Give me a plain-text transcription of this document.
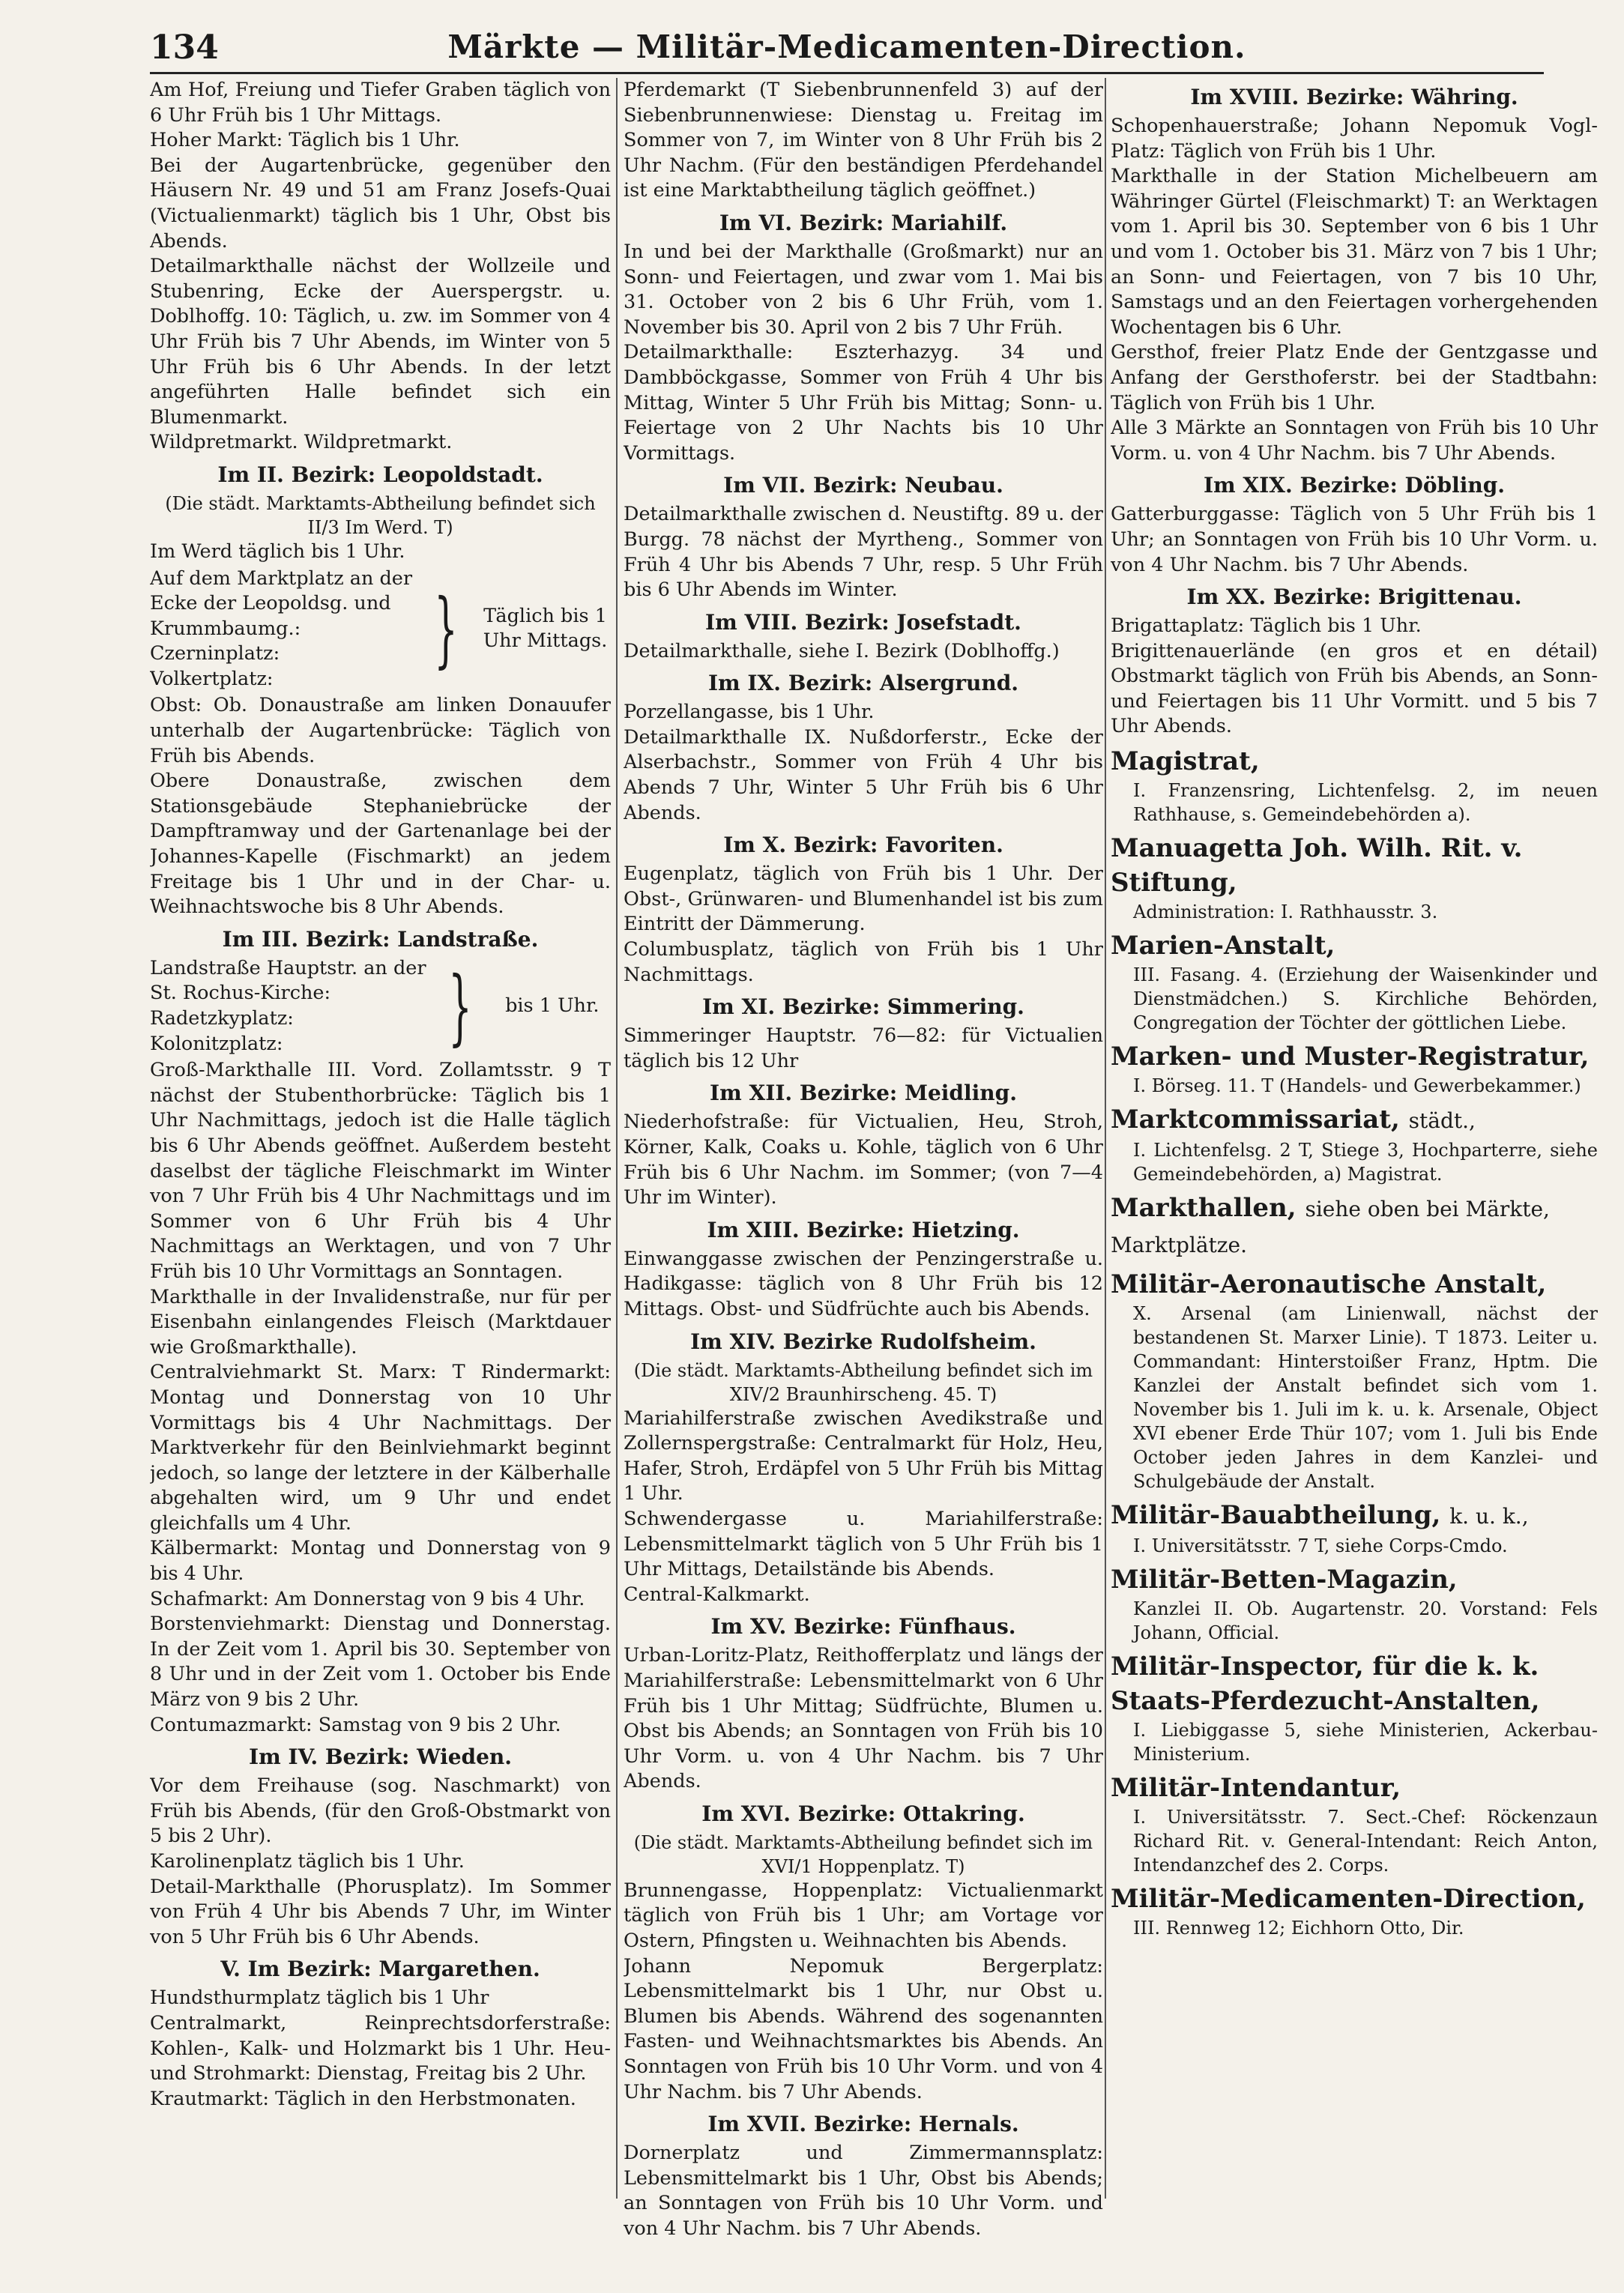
134	Märkte — Militär-Medicamenten-Direction.

Am Hof, Freiung und Tiefer Graben täglich von 6 Uhr Früh bis 1 Uhr Mittags.

Hoher Markt: Täglich bis 1 Uhr.

Bei der Augartenbrücke, gegenüber den Häusern Nr. 49 und 51 am Franz Josefs-Quai (Victualienmarkt) täglich bis 1 Uhr, Obst bis Abends.

Detailmarkthalle nächst der Wollzeile und Stubenring, Ecke der Auerspergstr. u. Doblhoffg. 10: Täglich, u. zw. im Sommer von 4 Uhr Früh bis 7 Uhr Abends, im Winter von 5 Uhr Früh bis 6 Uhr Abends. In der letzt angeführten Halle befindet sich ein Blumenmarkt.

Wildpretmarkt. Wildpretmarkt.

Im II. Bezirk: Leopoldstadt.
(Die städt. Marktamts-Abtheilung befindet sich II/3 Im Werd. T)

Im Werd täglich bis 1 Uhr.

Auf dem Marktplatz an der
Ecke der Leopoldsg. und
Krummbaumg.:
Czerninplatz:
Volkertplatz:
} Täglich bis 1 Uhr Mittags.

Obst: Ob. Donaustraße am linken Donauufer unterhalb der Augartenbrücke: Täglich von Früh bis Abends.

Obere Donaustraße, zwischen dem Stationsgebäude Stephaniebrücke der Dampftramway und der Gartenanlage bei der Johannes-Kapelle (Fischmarkt) an jedem Freitage bis 1 Uhr und in der Char- u. Weihnachtswoche bis 8 Uhr Abends.

Im III. Bezirk: Landstraße.
Landstraße Hauptstr. an der
St. Rochus-Kirche:
Radetzkyplatz:
Kolonitzplatz:	}	bis 1 Uhr.

Groß-Markthalle III. Vord. Zollamtsstr. 9 T nächst der Stubenthorbrücke: Täglich bis 1 Uhr Nachmittags, jedoch ist die Halle täglich bis 6 Uhr Abends geöffnet. Außerdem besteht daselbst der tägliche Fleischmarkt im Winter von 7 Uhr Früh bis 4 Uhr Nachmittags und im Sommer von 6 Uhr Früh bis 4 Uhr Nachmittags an Werktagen, und von 7 Uhr Früh bis 10 Uhr Vormittags an Sonntagen.

Markthalle in der Invalidenstraße, nur für per Eisenbahn einlangendes Fleisch (Marktdauer wie Großmarkthalle).

Centralviehmarkt St. Marx: T Rindermarkt: Montag und Donnerstag von 10 Uhr Vormittags bis 4 Uhr Nachmittags. Der Marktverkehr für den Beinlviehmarkt beginnt jedoch, so lange der letztere in der Kälberhalle abgehalten wird, um 9 Uhr und endet gleichfalls um 4 Uhr.

Kälbermarkt: Montag und Donnerstag von 9 bis 4 Uhr.

Schafmarkt: Am Donnerstag von 9 bis 4 Uhr.

Borstenviehmarkt: Dienstag und Donnerstag. In der Zeit vom 1. April bis 30. September von 8 Uhr und in der Zeit vom 1. October bis Ende März von 9 bis 2 Uhr.

Contumazmarkt: Samstag von 9 bis 2 Uhr.

Im IV. Bezirk: Wieden.

Vor dem Freihause (sog. Naschmarkt) von Früh bis Abends, (für den Groß-Obstmarkt von 5 bis 2 Uhr).

Karolinenplatz täglich bis 1 Uhr.

Detail-Markthalle (Phorusplatz). Im Sommer von Früh 4 Uhr bis Abends 7 Uhr, im Winter von 5 Uhr Früh bis 6 Uhr Abends.

V. Im Bezirk: Margarethen.

Hundsthurmplatz täglich bis 1 Uhr

Centralmarkt, Reinprechtsdorferstraße: Kohlen-, Kalk- und Holzmarkt bis 1 Uhr. Heu- und Strohmarkt: Dienstag, Freitag bis 2 Uhr.

Krautmarkt: Täglich in den Herbstmonaten.

Pferdemarkt (T Siebenbrunnenfeld 3) auf der Siebenbrunnenwiese: Dienstag u. Freitag im Sommer von 7, im Winter von 8 Uhr Früh bis 2 Uhr Nachm. (Für den beständigen Pferdehandel ist eine Marktabtheilung täglich geöffnet.)

Im VI. Bezirk: Mariahilf.

In und bei der Markthalle (Großmarkt) nur an Sonn- und Feiertagen, und zwar vom 1. Mai bis 31. October von 2 bis 6 Uhr Früh, vom 1. November bis 30. April von 2 bis 7 Uhr Früh.

Detailmarkthalle: Eszterhazyg. 34 und Dambböckgasse, Sommer von Früh 4 Uhr bis Mittag, Winter 5 Uhr Früh bis Mittag; Sonn- u. Feiertage von 2 Uhr Nachts bis 10 Uhr Vormittags.

Im VII. Bezirk: Neubau.

Detailmarkthalle zwischen d. Neustiftg. 89 u. der Burgg. 78 nächst der Myrtheng., Sommer von Früh 4 Uhr bis Abends 7 Uhr, resp. 5 Uhr Früh bis 6 Uhr Abends im Winter.

Im VIII. Bezirk: Josefstadt.

Detailmarkthalle, siehe I. Bezirk (Doblhoffg.)

Im IX. Bezirk: Alsergrund.

Porzellangasse, bis 1 Uhr.

Detailmarkthalle IX. Nußdorferstr., Ecke der Alserbachstr., Sommer von Früh 4 Uhr bis Abends 7 Uhr, Winter 5 Uhr Früh bis 6 Uhr Abends.

Im X. Bezirk: Favoriten.

Eugenplatz, täglich von Früh bis 1 Uhr. Der Obst-, Grünwaren- und Blumenhandel ist bis zum Eintritt der Dämmerung.

Columbusplatz, täglich von Früh bis 1 Uhr Nachmittags.

Im XI. Bezirke: Simmering.

Simmeringer Hauptstr. 76—82: für Victualien täglich bis 12 Uhr

Im XII. Bezirke: Meidling.

Niederhofstraße: für Victualien, Heu, Stroh, Körner, Kalk, Coaks u. Kohle, täglich von 6 Uhr Früh bis 6 Uhr Nachm. im Sommer; (von 7—4 Uhr im Winter).

Im XIII. Bezirke: Hietzing.

Einwanggasse zwischen der Penzingerstraße u. Hadikgasse: täglich von 8 Uhr Früh bis 12 Mittags. Obst- und Südfrüchte auch bis Abends.

Im XIV. Bezirke Rudolfsheim.
(Die städt. Marktamts-Abtheilung befindet sich im XIV/2 Braunhirscheng. 45. T)

Mariahilferstraße zwischen Avedikstraße und Zollernspergstraße: Centralmarkt für Holz, Heu, Hafer, Stroh, Erdäpfel von 5 Uhr Früh bis Mittag 1 Uhr.

Schwendergasse u. Mariahilferstraße: Lebensmittelmarkt täglich von 5 Uhr Früh bis 1 Uhr Mittags, Detailstände bis Abends.

Central-Kalkmarkt.

Im XV. Bezirke: Fünfhaus.

Urban-Loritz-Platz, Reithofferplatz und längs der Mariahilferstraße: Lebensmittelmarkt von 6 Uhr Früh bis 1 Uhr Mittag; Südfrüchte, Blumen u. Obst bis Abends; an Sonntagen von Früh bis 10 Uhr Vorm. u. von 4 Uhr Nachm. bis 7 Uhr Abends.

Im XVI. Bezirke: Ottakring.
(Die städt. Marktamts-Abtheilung befindet sich im XVI/1 Hoppenplatz. T)

Brunnengasse, Hoppenplatz: Victualienmarkt täglich von Früh bis 1 Uhr; am Vortage vor Ostern, Pfingsten u. Weihnachten bis Abends.

Johann Nepomuk Bergerplatz: Lebensmittelmarkt bis 1 Uhr, nur Obst u. Blumen bis Abends. Während des sogenannten Fasten- und Weihnachtsmarktes bis Abends. An Sonntagen von Früh bis 10 Uhr Vorm. und von 4 Uhr Nachm. bis 7 Uhr Abends.

Im XVII. Bezirke: Hernals.

Dornerplatz und Zimmermannsplatz: Lebensmittelmarkt bis 1 Uhr, Obst bis Abends; an Sonntagen von Früh bis 10 Uhr Vorm. und von 4 Uhr Nachm. bis 7 Uhr Abends.

Im XVIII. Bezirke: Währing.

Schopenhauerstraße; Johann Nepomuk Vogl-Platz: Täglich von Früh bis 1 Uhr.

Markthalle in der Station Michelbeuern am Währinger Gürtel (Fleischmarkt) T: an Werktagen vom 1. April bis 30. September von 6 bis 1 Uhr und vom 1. October bis 31. März von 7 bis 1 Uhr; an Sonn- und Feiertagen, von 7 bis 10 Uhr, Samstags und an den Feiertagen vorhergehenden Wochentagen bis 6 Uhr.

Gersthof, freier Platz Ende der Gentzgasse und Anfang der Gersthoferstr. bei der Stadtbahn: Täglich von Früh bis 1 Uhr.

Alle 3 Märkte an Sonntagen von Früh bis 10 Uhr Vorm. u. von 4 Uhr Nachm. bis 7 Uhr Abends.

Im XIX. Bezirke: Döbling.

Gatterburggasse: Täglich von 5 Uhr Früh bis 1 Uhr; an Sonntagen von Früh bis 10 Uhr Vorm. u. von 4 Uhr Nachm. bis 7 Uhr Abends.

Im XX. Bezirke: Brigittenau.

Brigattaplatz: Täglich bis 1 Uhr.

Brigittenauerlände (en gros et en détail) Obstmarkt täglich von Früh bis Abends, an Sonn- und Feiertagen bis 11 Uhr Vormitt. und 5 bis 7 Uhr Abends.

Magistrat,
I. Franzensring, Lichtenfelsg. 2, im neuen Rathhause, s. Gemeindebehörden a).
Manuagetta Joh. Wilh. Rit. v. Stiftung,
Administration: I. Rathhausstr. 3.
Marien-Anstalt,
III. Fasang. 4. (Erziehung der Waisenkinder und Dienstmädchen.) S. Kirchliche Behörden, Congregation der Töchter der göttlichen Liebe.
Marken- und Muster-Registratur,
I. Börseg. 11. T (Handels- und Gewerbekammer.)
Marktcommissariat, städt.,
I. Lichtenfelsg. 2 T, Stiege 3, Hochparterre, siehe Gemeindebehörden, a) Magistrat.
Markthallen, siehe oben bei Märkte, Marktplätze.
Militär-Aeronautische Anstalt,
X. Arsenal (am Linienwall, nächst der bestandenen St. Marxer Linie). T 1873. Leiter u. Commandant: Hinterstoißer Franz, Hptm. Die Kanzlei der Anstalt befindet sich vom 1. November bis 1. Juli im k. u. k. Arsenale, Object XVI ebener Erde Thür 107; vom 1. Juli bis Ende October jeden Jahres in dem Kanzlei- und Schulgebäude der Anstalt.
Militär-Bauabtheilung, k. u. k.,
I. Universitätsstr. 7 T, siehe Corps-Cmdo.
Militär-Betten-Magazin,
Kanzlei II. Ob. Augartenstr. 20. Vorstand: Fels Johann, Official.
Militär-Inspector, für die k. k. Staats-Pferdezucht-Anstalten,
I. Liebiggasse 5, siehe Ministerien, Ackerbau-Ministerium.
Militär-Intendantur,
I. Universitätsstr. 7. Sect.-Chef: Röckenzaun Richard Rit. v. General-Intendant: Reich Anton, Intendanzchef des 2. Corps.
Militär-Medicamenten-Direction,
III. Rennweg 12; Eichhorn Otto, Dir.
